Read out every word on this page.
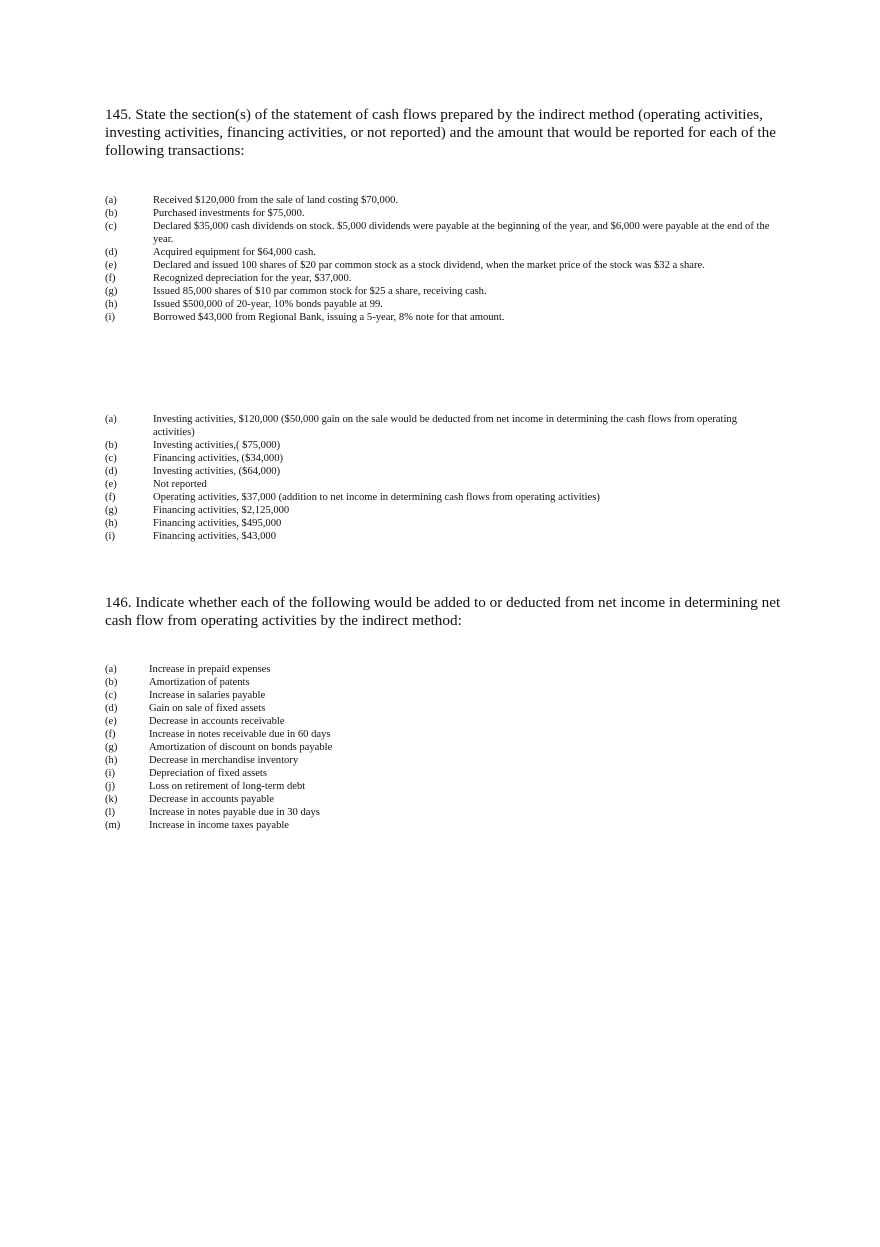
145. State the section(s) of the statement of cash flows prepared by the indirect method (operating activities, investing activities, financing activities, or not reported) and the amount that would be reported for each of the following transactions:
(a)	Received $120,000 from the sale of land costing $70,000.
(b)	Purchased investments for $75,000.
(c)	Declared $35,000 cash dividends on stock. $5,000 dividends were payable at the beginning of the year, and $6,000 were payable at the end of the year.
(d)	Acquired equipment for $64,000 cash.
(e)	Declared and issued 100 shares of $20 par common stock as a stock dividend, when the market price of the stock was $32 a share.
(f)	Recognized depreciation for the year, $37,000.
(g)	Issued 85,000 shares of $10 par common stock for $25 a share, receiving cash.
(h)	Issued $500,000 of 20-year, 10% bonds payable at 99.
(i)	Borrowed $43,000 from Regional Bank, issuing a 5-year, 8% note for that amount.
(a)	Investing activities, $120,000 ($50,000 gain on the sale would be deducted from net income in determining the cash flows from operating activities)
(b)	Investing activities,( $75,000)
(c)	Financing activities, ($34,000)
(d)	Investing activities, ($64,000)
(e)	Not reported
(f)	Operating activities, $37,000 (addition to net income in determining cash flows from operating activities)
(g)	Financing activities, $2,125,000
(h)	Financing activities, $495,000
(i)	Financing activities, $43,000
146. Indicate whether each of the following would be added to or deducted from net income in determining net cash flow from operating activities by the indirect method:
(a)	Increase in prepaid expenses
(b)	Amortization of patents
(c)	Increase in salaries payable
(d)	Gain on sale of fixed assets
(e)	Decrease in accounts receivable
(f)	Increase in notes receivable due in 60 days
(g)	Amortization of discount on bonds payable
(h)	Decrease in merchandise inventory
(i)	Depreciation of fixed assets
(j)	Loss on retirement of long-term debt
(k)	Decrease in accounts payable
(l)	Increase in notes payable due in 30 days
(m)	Increase in income taxes payable
